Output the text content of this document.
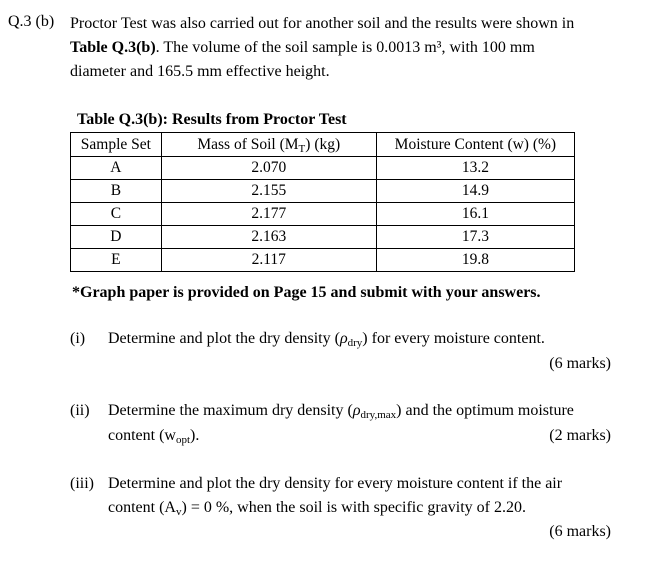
Q.3 (b) Proctor Test was also carried out for another soil and the results were shown in
Table Q.3(b). The volume of the soil sample is 0.0013 m³, with 100 mm
diameter and 165.5 mm effective height.
Table Q.3(b): Results from Proctor Test
Sample Set	Mass of Soil $(M_T)$ (kg)	Moisture Content (w) (%)
A	2.070	13.2
B	2.155	14.9
C	2.177	16.1
D	2.163	17.3
E	2.117	19.8
*Graph paper is provided on Page 15 and submit with your answers.
(i) Determine and plot the dry density $(\rho_{dry})$ for every moisture content.
(6 marks)
(ii) Determine the maximum dry density $(\rho_{dry,max})$ and the optimum moisture
content $(w_{opt})$.	(2 marks)
(iii) Determine and plot the dry density for every moisture content if the air
content $(A_v) = 0$ %, when the soil is with specific gravity of 2.20.
(6 marks)
